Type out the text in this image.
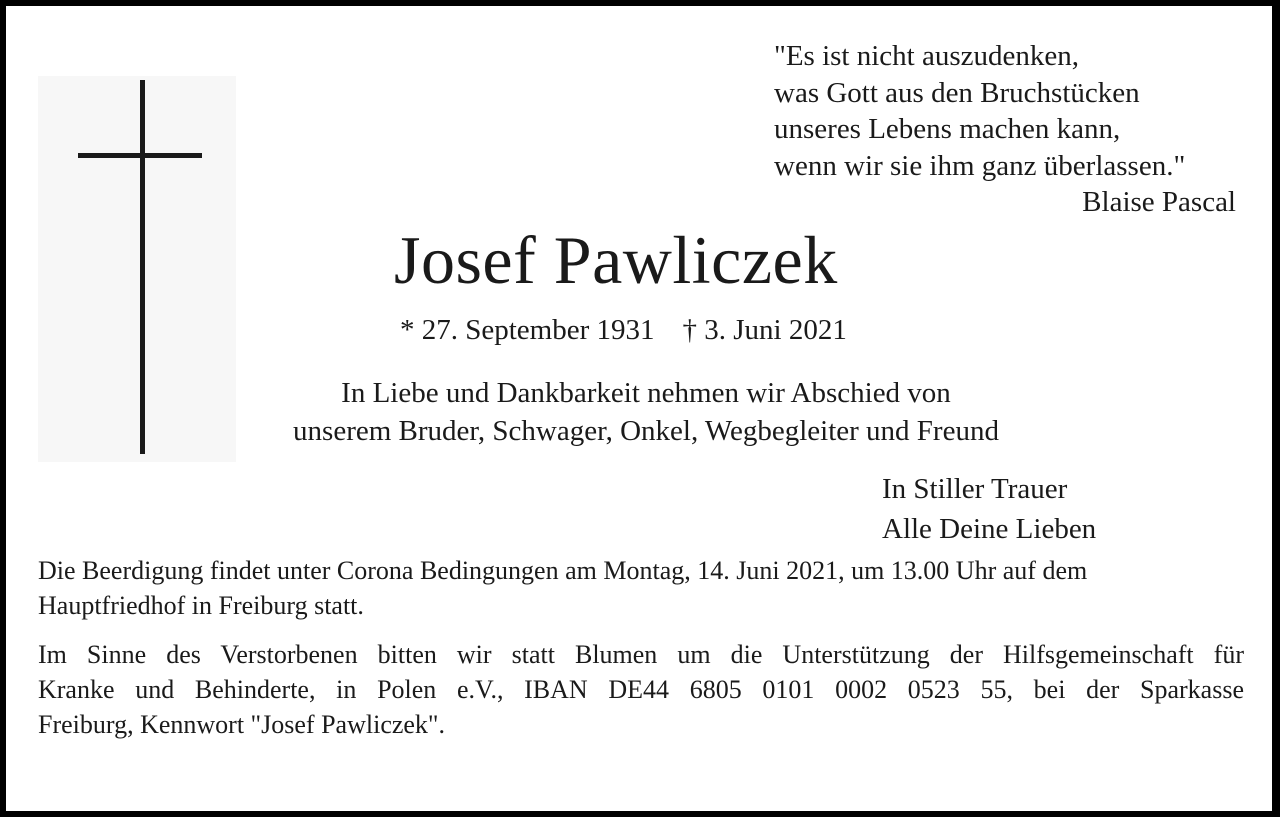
"Es ist nicht auszudenken,
was Gott aus den Bruchstücken
unseres Lebens machen kann,
wenn wir sie ihm ganz überlassen."
Blaise Pascal
Josef Pawliczek
* 27. September 1931 † 3. Juni 2021
In Liebe und Dankbarkeit nehmen wir Abschied von
unserem Bruder, Schwager, Onkel, Wegbegleiter und Freund
In Stiller Trauer
Alle Deine Lieben
Die Beerdigung findet unter Corona Bedingungen am Montag, 14. Juni 2021, um 13.00 Uhr auf dem
Hauptfriedhof in Freiburg statt.
Im Sinne des Verstorbenen bitten wir statt Blumen um die Unterstützung der Hilfsgemeinschaft für
Kranke und Behinderte, in Polen e.V., IBAN DE44 6805 0101 0002 0523 55, bei der Sparkasse
Freiburg, Kennwort "Josef Pawliczek".
